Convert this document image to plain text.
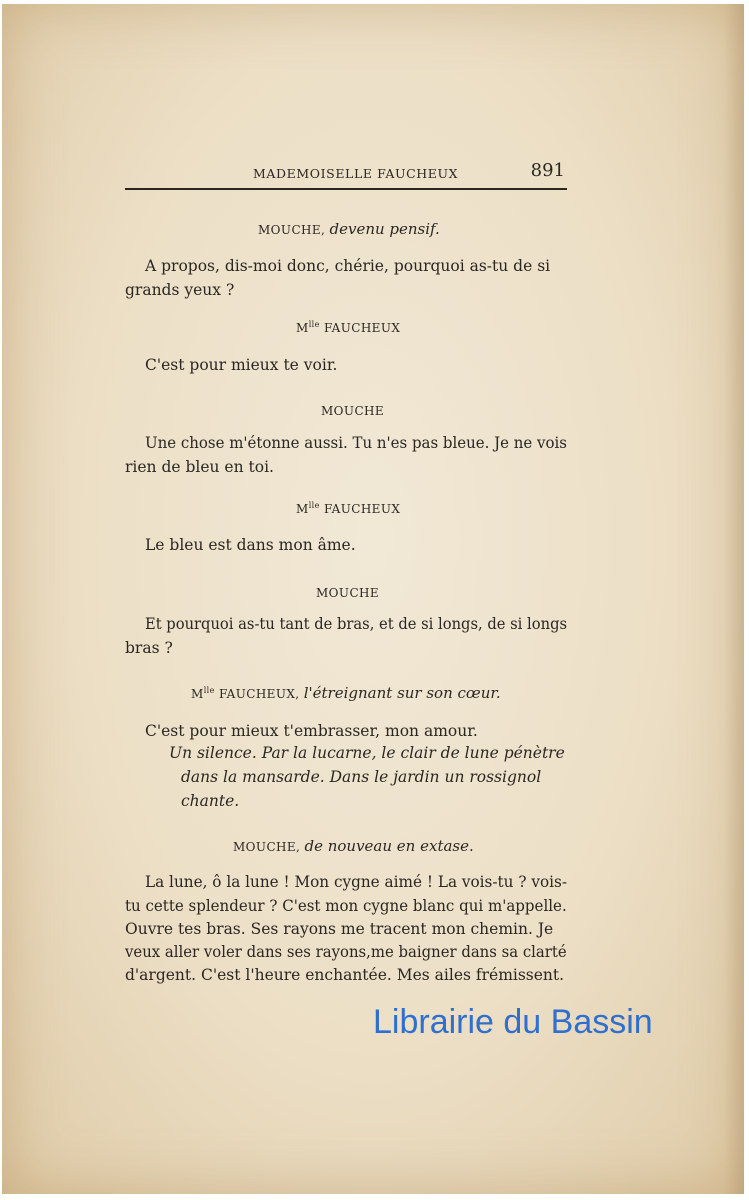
MADEMOISELLE FAUCHEUX	891
MOUCHE, devenu pensif.
A propos, dis-moi donc, chérie, pourquoi as-tu de si
grands yeux ?
$M^{lle}$ FAUCHEUX
C'est pour mieux te voir.
MOUCHE
Une chose m'étonne aussi. Tu n'es pas bleue. Je ne vois
rien de bleu en toi.
$M^{lle}$ FAUCHEUX
Le bleu est dans mon âme.
MOUCHE
Et pourquoi as-tu tant de bras, et de si longs, de si longs
bras ?
$M^{lle}$ FAUCHEUX, l'étreignant sur son cœur.
C'est pour mieux t'embrasser, mon amour.
Un silence. Par la lucarne, le clair de lune pénètre
dans la mansarde. Dans le jardin un rossignol
chante.
MOUCHE, de nouveau en extase.
La lune, ô la lune ! Mon cygne aimé ! La vois-tu ? vois-
tu cette splendeur ? C'est mon cygne blanc qui m'appelle.
Ouvre tes bras. Ses rayons me tracent mon chemin. Je
veux aller voler dans ses rayons,me baigner dans sa clarté
d'argent. C'est l'heure enchantée. Mes ailes frémissent.
Librairie du Bassin
